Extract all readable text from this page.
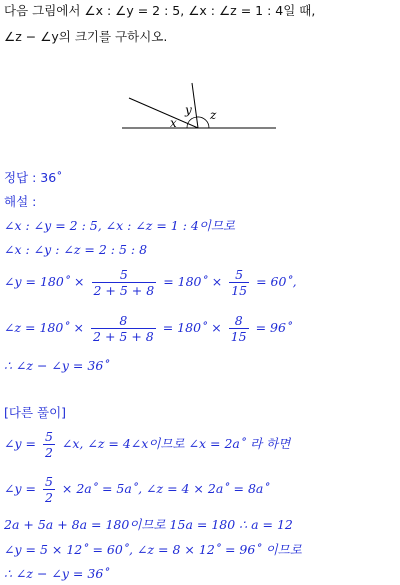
다음 그림에서 ∠x : ∠y = 2 : 5, ∠x : ∠z = 1 : 4일 때,
∠z − ∠y의 크기를 구하시오.
x
y z
정답 : 36˚
해설 :
∠x : ∠y = 2 : 5, ∠x : ∠z = 1 : 4이므로
∠x : ∠y : ∠z = 2 : 5 : 8
∠y = 180˚ × $\frac{5}{2 + 5 + 8}$ = 180˚ × $\frac{5}{15}$ = 60˚,
∠z = 180˚ × $\frac{8}{2 + 5 + 8}$ = 180˚ × $\frac{8}{15}$ = 96˚
∴ ∠z − ∠y = 36˚
[다른 풀이]
∠y = $\frac{5}{2}$ ∠x, ∠z = 4∠x이므로 ∠x = 2a˚ 라 하면
∠y = $\frac{5}{2}$ × 2a˚ = 5a˚, ∠z = 4 × 2a˚ = 8a˚
2a + 5a + 8a = 180이므로 15a = 180 ∴ a = 12
∠y = 5 × 12˚ = 60˚, ∠z = 8 × 12˚ = 96˚ 이므로
∴ ∠z − ∠y = 36˚
